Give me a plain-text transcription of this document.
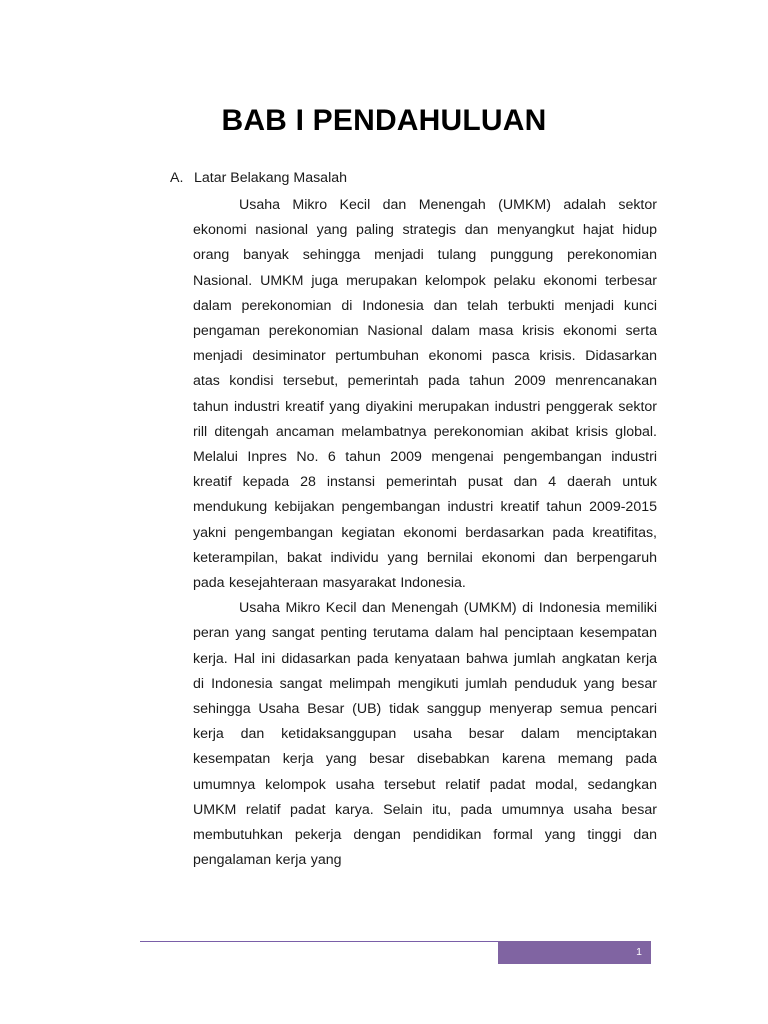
BAB I PENDAHULUAN
A. Latar Belakang Masalah

Usaha Mikro Kecil dan Menengah (UMKM) adalah sektor ekonomi nasional yang paling strategis dan menyangkut hajat hidup orang banyak sehingga menjadi tulang punggung perekonomian Nasional. UMKM juga merupakan kelompok pelaku ekonomi terbesar dalam perekonomian di Indonesia dan telah terbukti menjadi kunci pengaman perekonomian Nasional dalam masa krisis ekonomi serta menjadi desiminator pertumbuhan ekonomi pasca krisis. Didasarkan atas kondisi tersebut, pemerintah pada tahun 2009 menrencanakan tahun industri kreatif yang diyakini merupakan industri penggerak sektor rill ditengah ancaman melambatnya perekonomian akibat krisis global. Melalui Inpres No. 6 tahun 2009 mengenai pengembangan industri kreatif kepada 28 instansi pemerintah pusat dan 4 daerah untuk mendukung kebijakan pengembangan industri kreatif tahun 2009-2015 yakni pengembangan kegiatan ekonomi berdasarkan pada kreatifitas, keterampilan, bakat individu yang bernilai ekonomi dan berpengaruh pada kesejahteraan masyarakat Indonesia.

Usaha Mikro Kecil dan Menengah (UMKM) di Indonesia memiliki peran yang sangat penting terutama dalam hal penciptaan kesempatan kerja. Hal ini didasarkan pada kenyataan bahwa jumlah angkatan kerja di Indonesia sangat melimpah mengikuti jumlah penduduk yang besar sehingga Usaha Besar (UB) tidak sanggup menyerap semua pencari kerja dan ketidaksanggupan usaha besar dalam menciptakan kesempatan kerja yang besar disebabkan karena memang pada umumnya kelompok usaha tersebut relatif padat modal, sedangkan UMKM relatif padat karya. Selain itu, pada umumnya usaha besar membutuhkan pekerja dengan pendidikan formal yang tinggi dan pengalaman kerja yang

1
